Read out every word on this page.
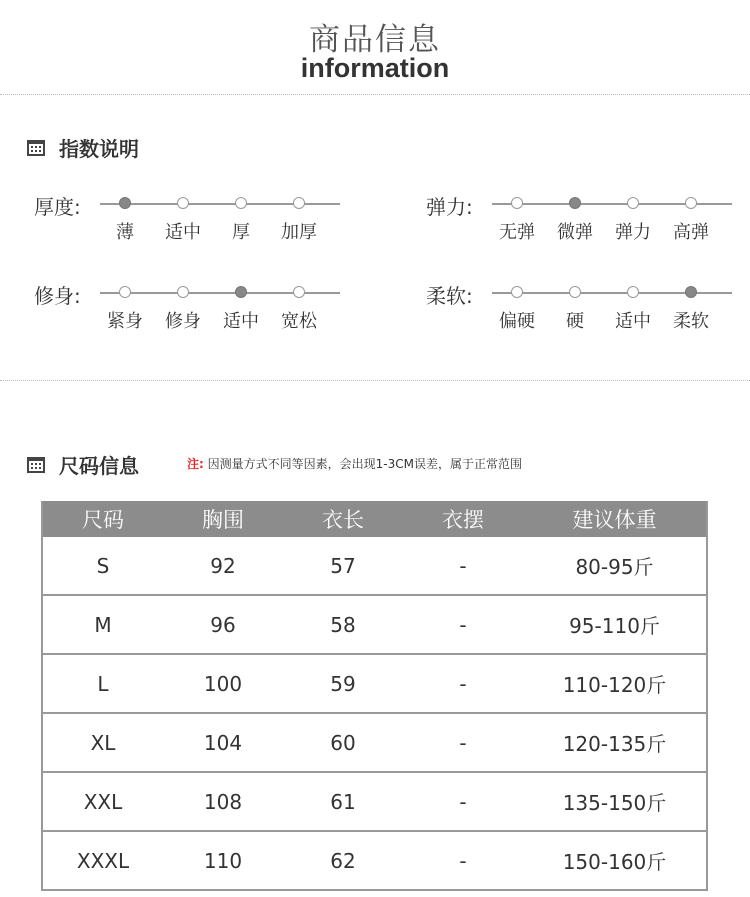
商品信息
information
指数说明
厚度:
薄 适中 厚 加厚
弹力:
无弹 微弹 弹力 高弹
修身:
紧身 修身 适中 宽松
柔软:
偏硬 硬 适中 柔软
尺码信息	注: 因测量方式不同等因素，会出现1-3CM误差，属于正常范围
尺码	胸围	衣长	衣摆	建议体重
S	92	57	-	80-95斤
M	96	58	-	95-110斤
L	100	59	-	110-120斤
XL	104	60	-	120-135斤
XXL	108	61	-	135-150斤
XXXL	110	62	-	150-160斤
